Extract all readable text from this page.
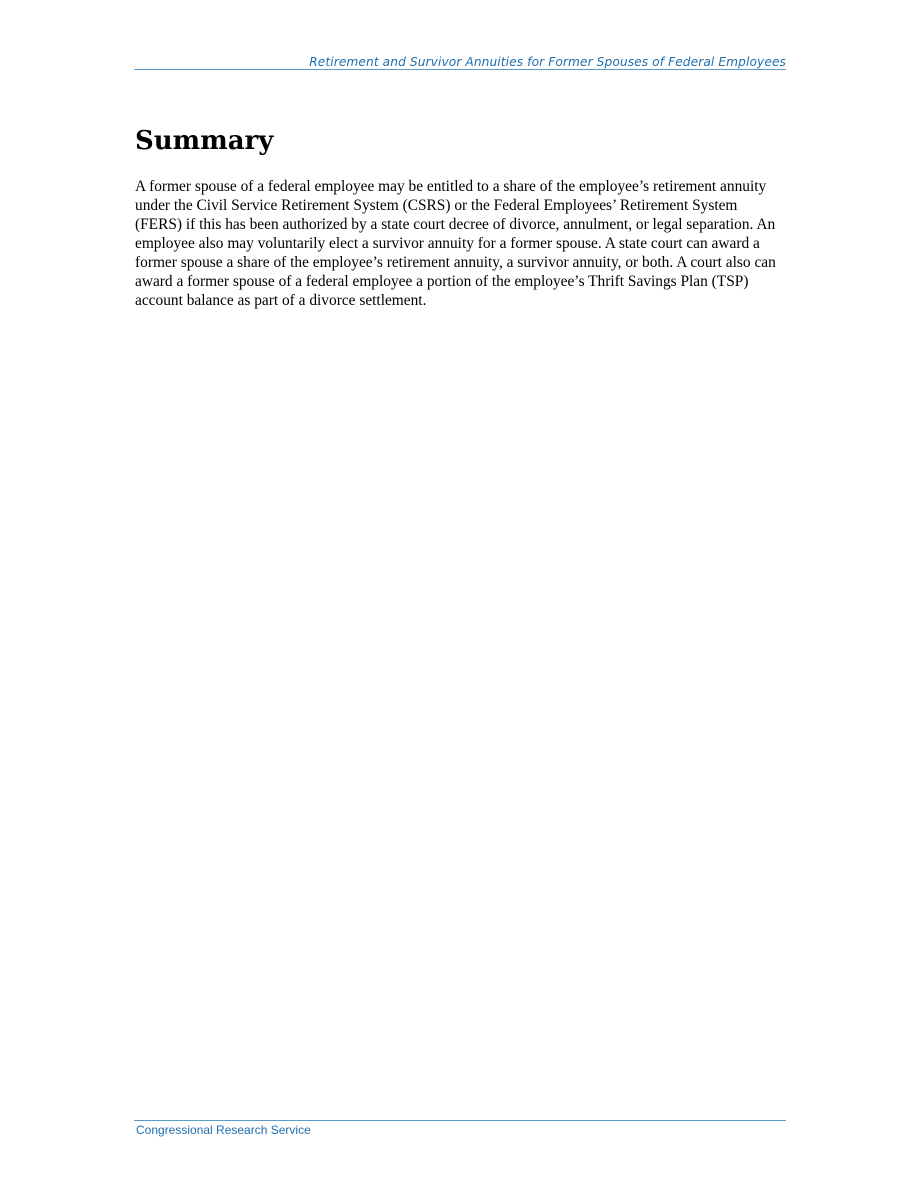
Retirement and Survivor Annuities for Former Spouses of Federal Employees
Summary

A former spouse of a federal employee may be entitled to a share of the employee’s retirement annuity under the Civil Service Retirement System (CSRS) or the Federal Employees’ Retirement System (FERS) if this has been authorized by a state court decree of divorce, annulment, or legal separation. An employee also may voluntarily elect a survivor annuity for a former spouse. A state court can award a former spouse a share of the employee’s retirement annuity, a survivor annuity, or both. A court also can award a former spouse of a federal employee a portion of the employee’s Thrift Savings Plan (TSP) account balance as part of a divorce settlement.

Congressional Research Service
